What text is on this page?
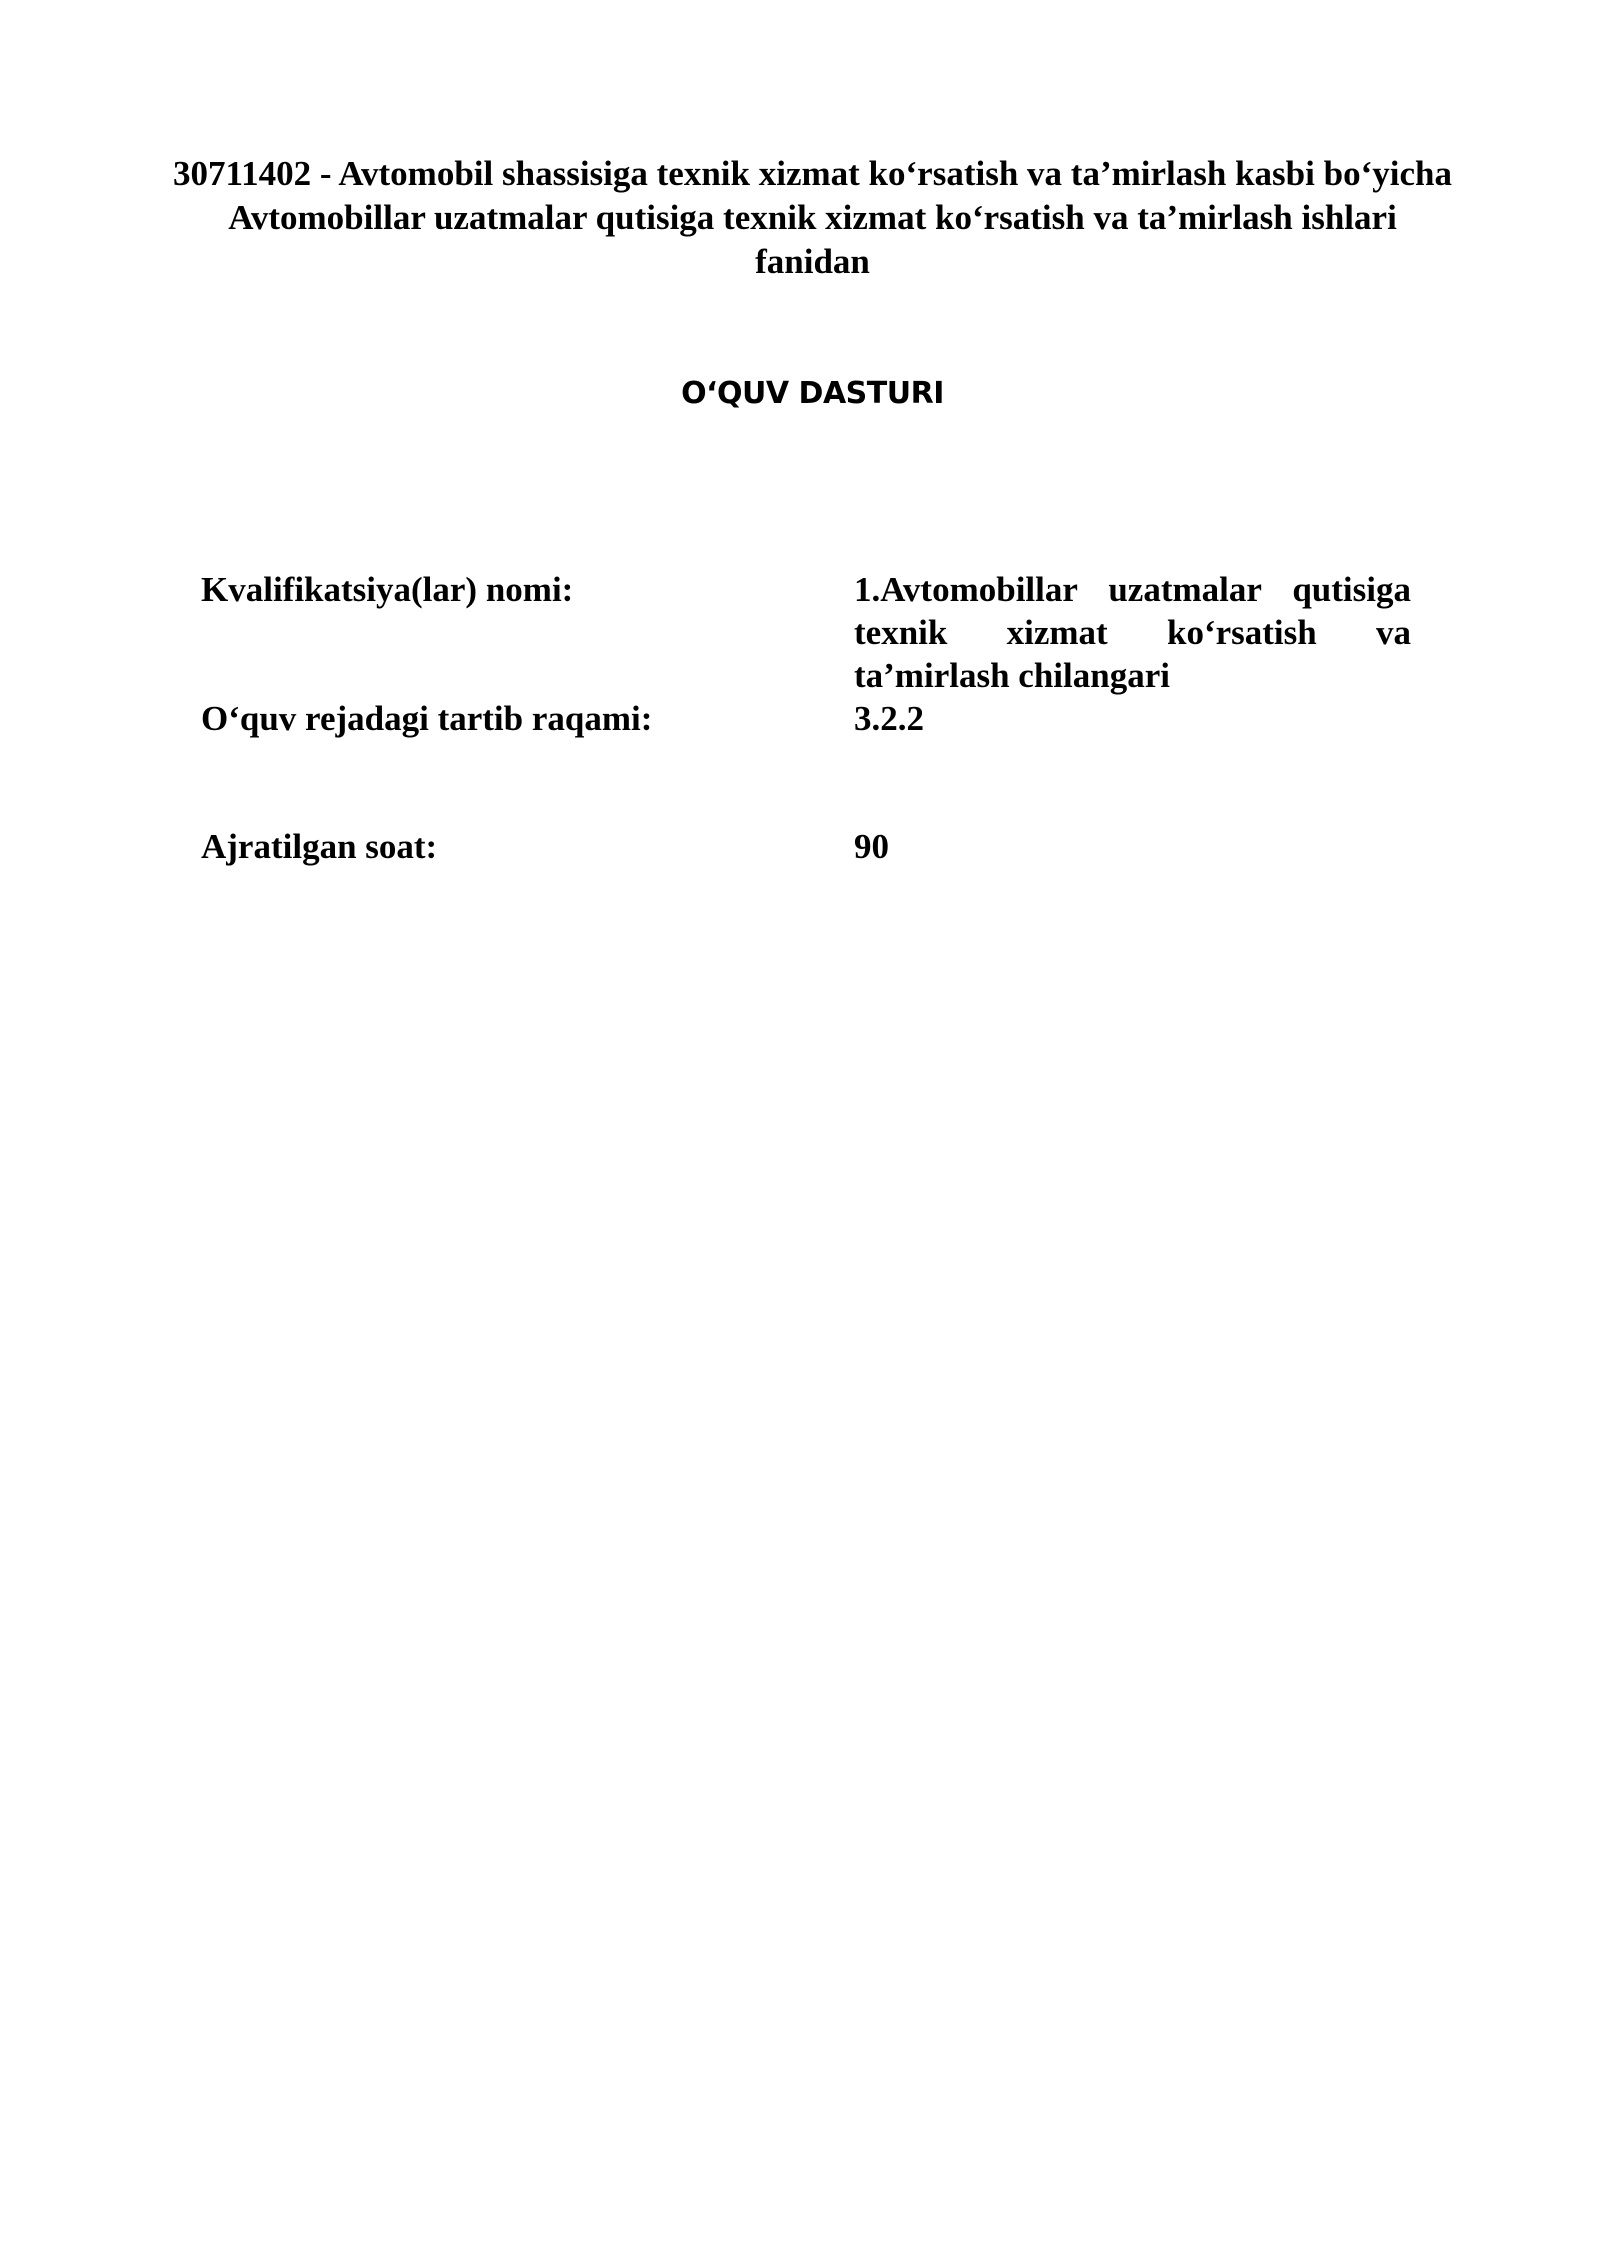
30711402 - Avtomobil shassisiga texnik xizmat ko‘rsatish va ta’mirlash kasbi bo‘yicha
Avtomobillar uzatmalar qutisiga texnik xizmat ko‘rsatish va ta’mirlash ishlari fanidan
O‘QUV DASTURI
Kvalifikatsiya(lar) nomi:	1.Avtomobillar uzatmalar qutisiga texnik xizmat ko‘rsatish va ta’mirlash chilangari
O‘quv rejadagi tartib raqami:	3.2.2
Ajratilgan soat:	90
